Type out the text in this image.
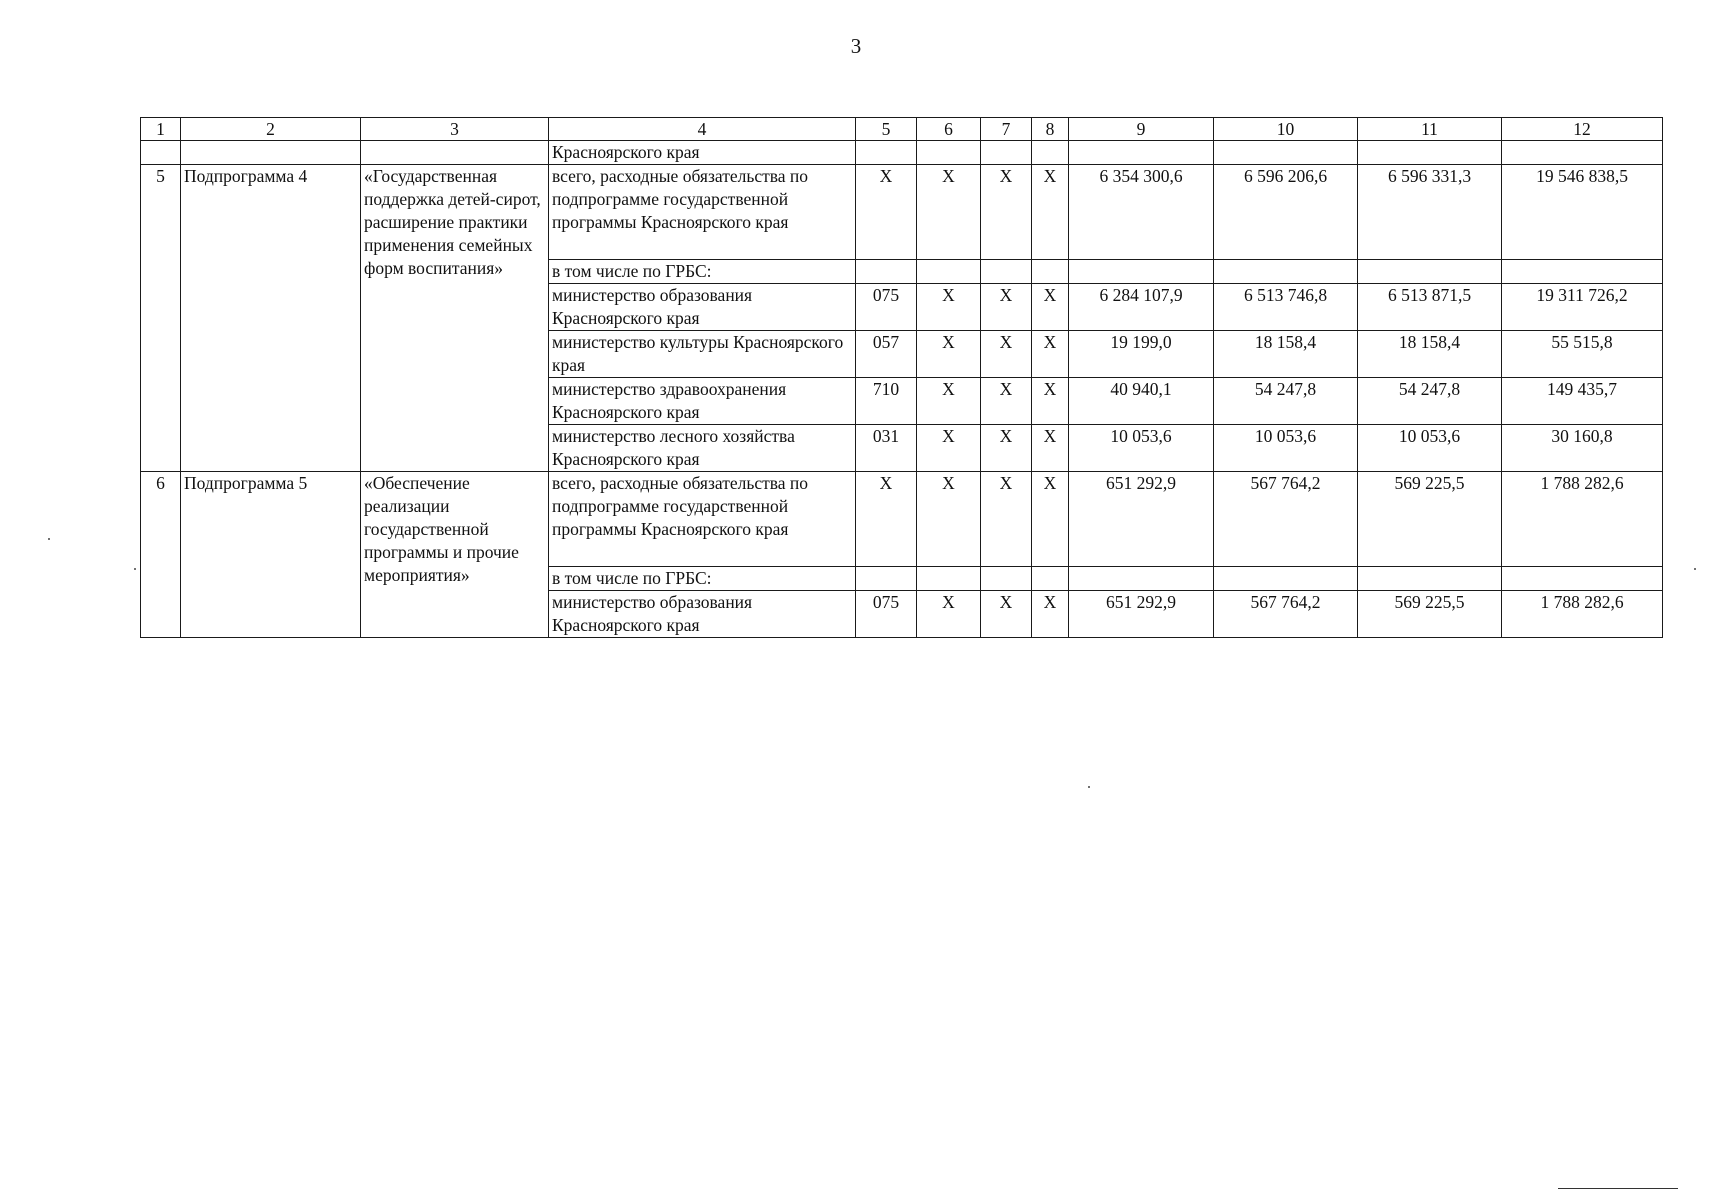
3
1	2	3	4	5	6	7	8	9	10	11	12
			Красноярского края								
5	Подпрограмма 4	«Государственная поддержка детей-сирот, расширение практики применения семейных форм воспитания»	всего, расходные обязательства по подпрограмме государственной программы Красноярского края	Х	Х	Х	Х	6 354 300,6	6 596 206,6	6 596 331,3	19 546 838,5
			в том числе по ГРБС:								
			министерство образования Красноярского края	075	Х	Х	Х	6 284 107,9	6 513 746,8	6 513 871,5	19 311 726,2
			министерство культуры Красноярского края	057	Х	Х	Х	19 199,0	18 158,4	18 158,4	55 515,8
			министерство здравоохранения Красноярского края	710	Х	Х	Х	40 940,1	54 247,8	54 247,8	149 435,7
			министерство лесного хозяйства Красноярского края	031	Х	Х	Х	10 053,6	10 053,6	10 053,6	30 160,8
6	Подпрограмма 5	«Обеспечение реализации государственной программы и прочие мероприятия»	всего, расходные обязательства по подпрограмме государственной программы Красноярского края	Х	Х	Х	Х	651 292,9	567 764,2	569 225,5	1 788 282,6
			в том числе по ГРБС:								
			министерство образования Красноярского края	075	Х	Х	Х	651 292,9	567 764,2	569 225,5	1 788 282,6
